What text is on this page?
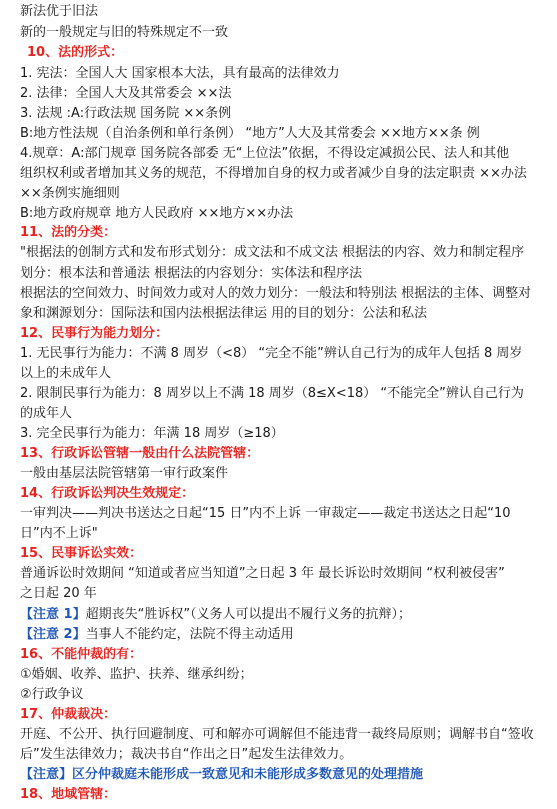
新法优于旧法
新的一般规定与旧的特殊规定不一致
10、法的形式：
1. 宪法：全国人大 国家根本大法，具有最高的法律效力
2. 法律：全国人大及其常委会 ××法
3. 法规 :A:行政法规 国务院 ××条例
B:地方性法规（自治条例和单行条例） “地方”人大及其常委会 ××地方××条 例
4.规章：A:部门规章 国务院各部委 无“上位法”依据，不得设定减损公民、法人和其他
组织权利或者增加其义务的规范，不得增加自身的权力或者减少自身的法定职责 ××办法
××条例实施细则
B:地方政府规章 地方人民政府 ××地方××办法
11、法的分类：
"根据法的创制方式和发布形式划分：成文法和不成文法 根据法的内容、效力和制定程序
划分：根本法和普通法 根据法的内容划分：实体法和程序法
根据法的空间效力、时间效力或对人的效力划分：一般法和特别法 根据法的主体、调整对
象和渊源划分：国际法和国内法根据法律运 用的目的划分：公法和私法
12、民事行为能力划分：
1. 无民事行为能力：不满 8 周岁（<8） “完全不能”辨认自己行为的成年人包括 8 周岁
以上的未成年人
2. 限制民事行为能力：8 周岁以上不满 18 周岁（8≤X<18） “不能完全”辨认自己行为
的成年人
3. 完全民事行为能力：年满 18 周岁（≥18）
13、行政诉讼管辖一般由什么法院管辖：
一般由基层法院管辖第一审行政案件
14、行政诉讼判决生效规定：
一审判决——判决书送达之日起“15 日”内不上诉 一审裁定——裁定书送达之日起“10
日”内不上诉"
15、民事诉讼实效：
普通诉讼时效期间 “知道或者应当知道”之日起 3 年 最长诉讼时效期间 “权利被侵害”
之日起 20 年
【注意 1】超期丧失“胜诉权”（义务人可以提出不履行义务的抗辩）；
【注意 2】当事人不能约定，法院不得主动适用
16、不能仲裁的有：
①婚姻、收养、监护、扶养、继承纠纷；
②行政争议
17、仲裁裁决：
开庭、不公开、执行回避制度、可和解亦可调解但不能违背一裁终局原则；调解书自“签收
后”发生法律效力；裁决书自“作出之日”起发生法律效力。
【注意】区分仲裁庭未能形成一致意见和未能形成多数意见的处理措施
18、地域管辖：
